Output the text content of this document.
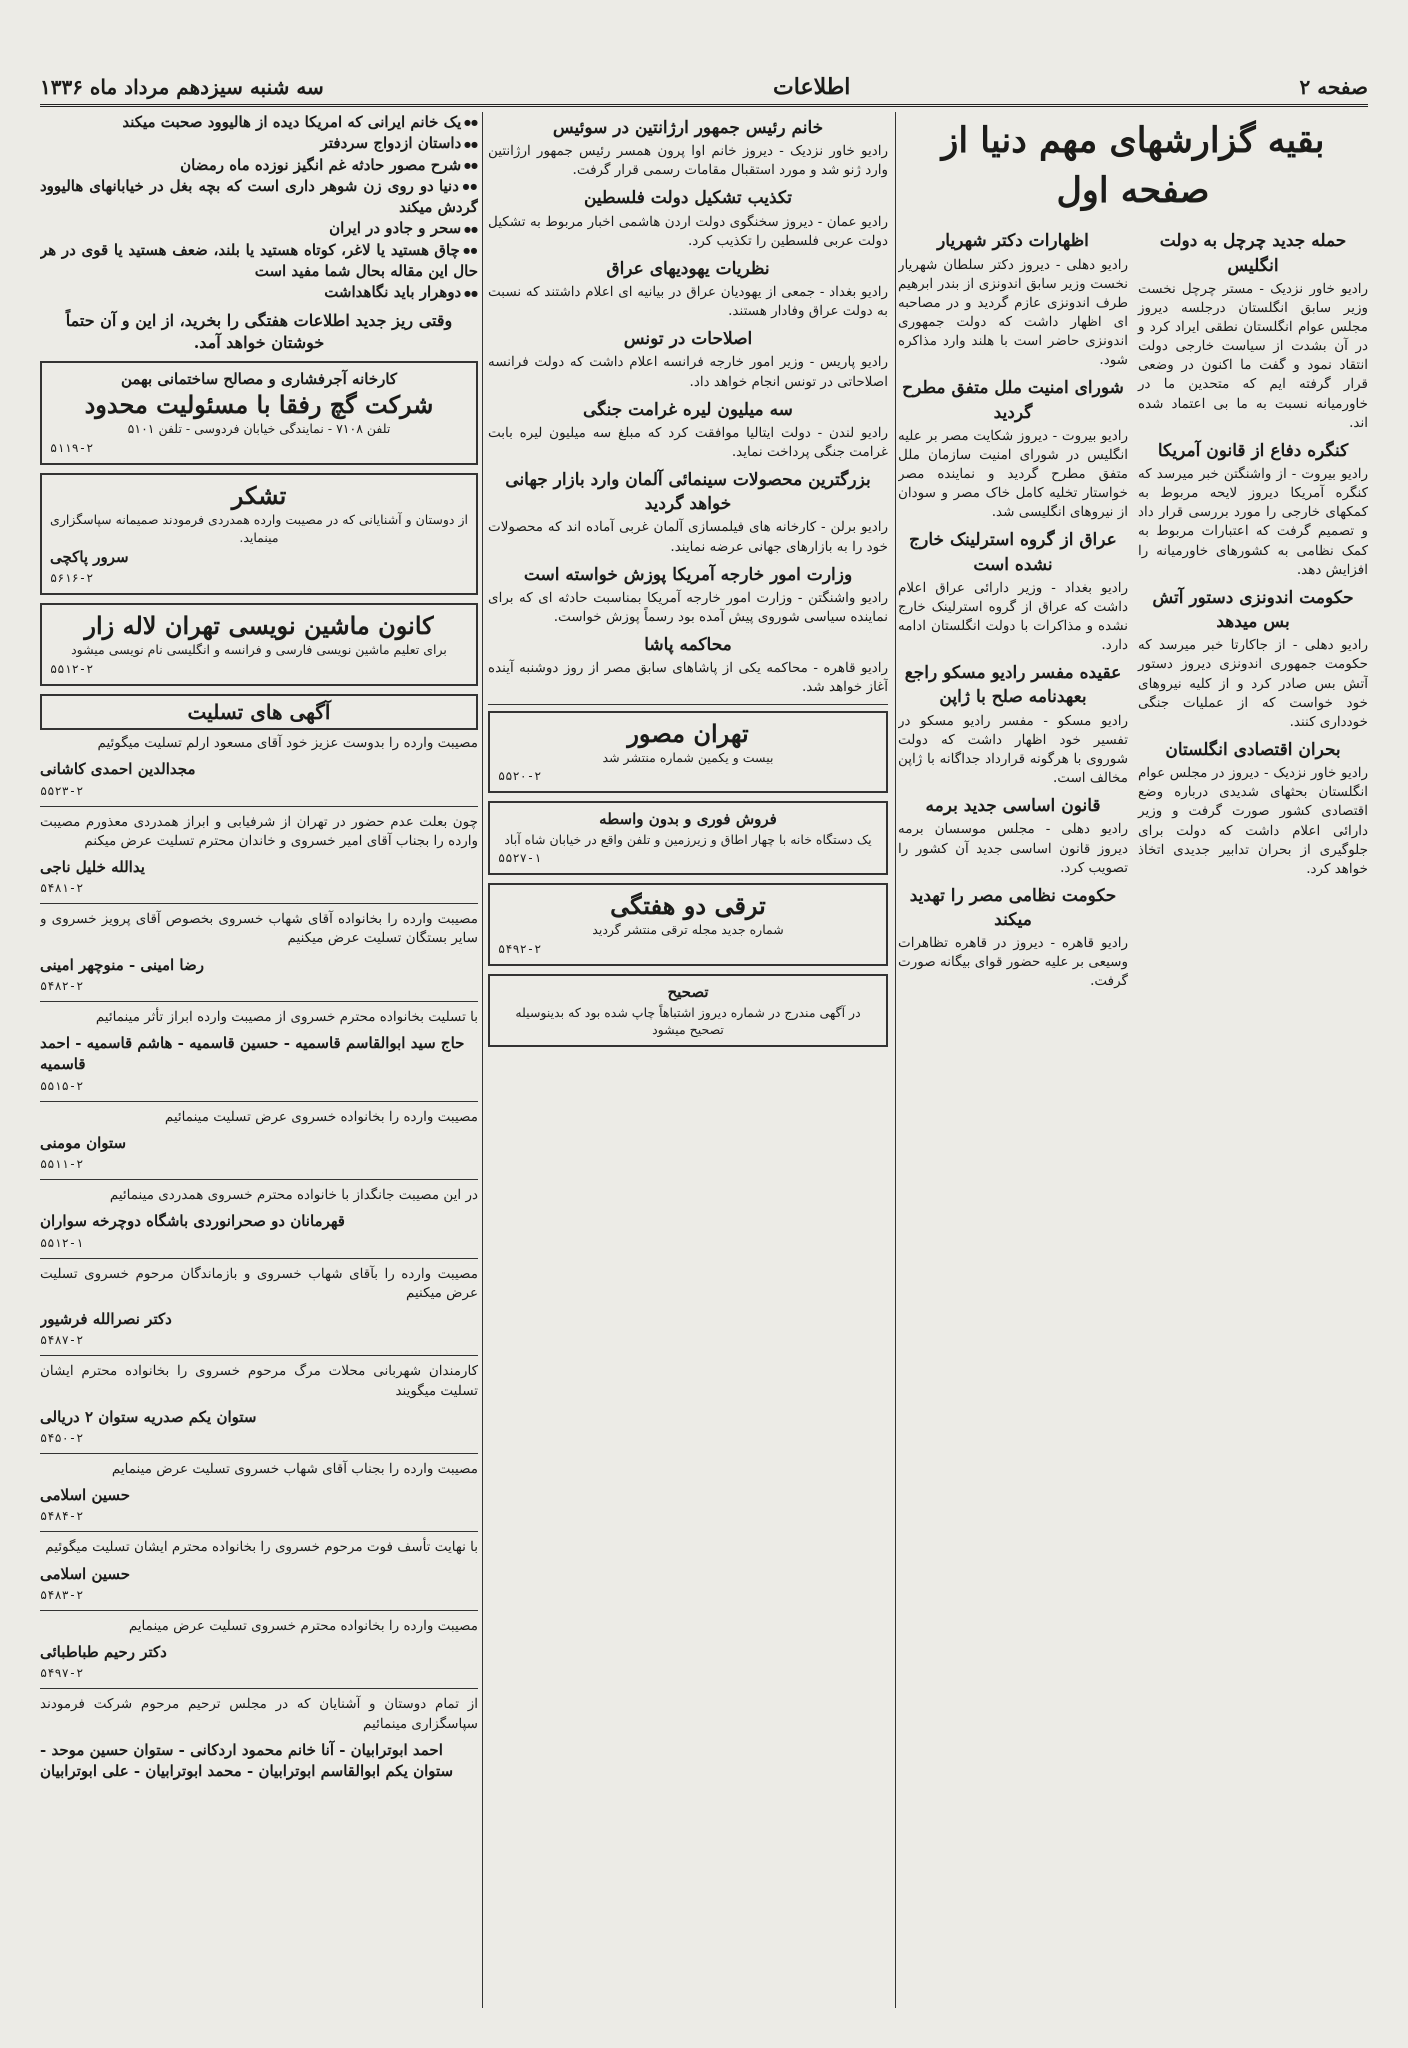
صفحه ۲
اطلاعات
سه شنبه سیزدهم مرداد ماه ۱۳۳۶
بقیه گزارشهای مهم دنیا از صفحه اول
حمله جدید چرچل به دولت انگلیس

رادیو خاور نزدیک - مستر چرچل نخست وزیر سابق انگلستان درجلسه دیروز مجلس عوام انگلستان نطقی ایراد کرد و در آن بشدت از سیاست خارجی دولت انتقاد نمود و گفت ما اکنون در وضعی قرار گرفته ایم که متحدین ما در خاورمیانه نسبت به ما بی اعتماد شده اند.

کنگره دفاع از قانون آمریکا

رادیو بیروت - از واشنگتن خبر میرسد که کنگره آمریکا دیروز لایحه مربوط به کمکهای خارجی را مورد بررسی قرار داد و تصمیم گرفت که اعتبارات مربوط به کمک نظامی به کشورهای خاورمیانه را افزایش دهد.

حکومت اندونزی دستور آتش بس میدهد

رادیو دهلی - از جاکارتا خبر میرسد که حکومت جمهوری اندونزی دیروز دستور آتش بس صادر کرد و از کلیه نیروهای خود خواست که از عملیات جنگی خودداری کنند.

بحران اقتصادی انگلستان

رادیو خاور نزدیک - دیروز در مجلس عوام انگلستان بحثهای شدیدی درباره وضع اقتصادی کشور صورت گرفت و وزیر دارائی اعلام داشت که دولت برای جلوگیری از بحران تدابیر جدیدی اتخاذ خواهد کرد.

اظهارات دکتر شهریار

رادیو دهلی - دیروز دکتر سلطان شهریار نخست وزیر سابق اندونزی از بندر ابرهیم طرف اندونزی عازم گردید و در مصاحبه ای اظهار داشت که دولت جمهوری اندونزی حاضر است با هلند وارد مذاکره شود.

شورای امنیت ملل متفق مطرح گردید

رادیو بیروت - دیروز شکایت مصر بر علیه انگلیس در شورای امنیت سازمان ملل متفق مطرح گردید و نماینده مصر خواستار تخلیه کامل خاک مصر و سودان از نیروهای انگلیسی شد.

عراق از گروه استرلینک خارج نشده است

رادیو بغداد - وزیر دارائی عراق اعلام داشت که عراق از گروه استرلینک خارج نشده و مذاکرات با دولت انگلستان ادامه دارد.

عقیده مفسر رادیو مسکو راجع بعهدنامه صلح با ژاپن

رادیو مسکو - مفسر رادیو مسکو در تفسیر خود اظهار داشت که دولت شوروی با هرگونه قرارداد جداگانه با ژاپن مخالف است.

قانون اساسی جدید برمه

رادیو دهلی - مجلس موسسان برمه دیروز قانون اساسی جدید آن کشور را تصویب کرد.

حکومت نظامی مصر را تهدید میکند

رادیو قاهره - دیروز در قاهره تظاهرات وسیعی بر علیه حضور قوای بیگانه صورت گرفت.

خانم رئیس جمهور ارژانتین در سوئیس

رادیو خاور نزدیک - دیروز خانم اوا پرون همسر رئیس جمهور ارژانتین وارد ژنو شد و مورد استقبال مقامات رسمی قرار گرفت.

تکذیب تشکیل دولت فلسطین

رادیو عمان - دیروز سخنگوی دولت اردن هاشمی اخبار مربوط به تشکیل دولت عربی فلسطین را تکذیب کرد.

نظریات یهودیهای عراق

رادیو بغداد - جمعی از یهودیان عراق در بیانیه ای اعلام داشتند که نسبت به دولت عراق وفادار هستند.

اصلاحات در تونس

رادیو پاریس - وزیر امور خارجه فرانسه اعلام داشت که دولت فرانسه اصلاحاتی در تونس انجام خواهد داد.

سه میلیون لیره غرامت جنگی

رادیو لندن - دولت ایتالیا موافقت کرد که مبلغ سه میلیون لیره بابت غرامت جنگی پرداخت نماید.

بزرگترین محصولات سینمائی آلمان وارد بازار جهانی خواهد گردید

رادیو برلن - کارخانه های فیلمسازی آلمان غربی آماده اند که محصولات خود را به بازارهای جهانی عرضه نمایند.

وزارت امور خارجه آمریکا پوزش خواسته است

رادیو واشنگتن - وزارت امور خارجه آمریکا بمناسبت حادثه ای که برای نماینده سیاسی شوروی پیش آمده بود رسماً پوزش خواست.

محاکمه پاشا

رادیو قاهره - محاکمه یکی از پاشاهای سابق مصر از روز دوشنبه آینده آغاز خواهد شد.

تهران مصور
بیست و یکمین شماره منتشر شد
۵۵۲۰-۲
فروش فوری و بدون واسطه
یک دستگاه خانه با چهار اطاق و زیرزمین و تلفن واقع در خیابان شاه آباد
۵۵۲۷-۱
ترقی دو هفتگی
شماره جدید مجله ترقی منتشر گردید
۵۴۹۲-۲
تصحیح
در آگهی مندرج در شماره دیروز اشتباهاً چاپ شده بود که بدینوسیله تصحیح میشود
●● یک خانم ایرانی که امریکا دیده از هالیوود صحبت میکند
●● داستان ازدواج سردفتر
●● شرح مصور حادثه غم انگیز نوزده ماه رمضان
●● دنیا دو روی زن شوهر داری است که بچه بغل در خیابانهای هالیوود گردش میکند
●● سحر و جادو در ایران
●● چاق هستید یا لاغر، کوتاه هستید یا بلند، ضعف هستید یا قوی در هر حال این مقاله بحال شما مفید است
●● دوهرار باید نگاهداشت

وقتی ریز جدید اطلاعات هفتگی را بخرید، از این و آن حتماً خوشتان خواهد آمد.

کارخانه آجرفشاری و مصالح ساختمانی بهمن
شرکت گچ رفقا با مسئولیت محدود
تلفن ۷۱۰۸ - نمایندگی خیابان فردوسی - تلفن ۵۱۰۱
۵۱۱۹-۲
تشکر
از دوستان و آشنایانی که در مصیبت وارده همدردی فرمودند صمیمانه سپاسگزاری مینماید.
سرور پاکچی
۵۶۱۶-۲
کانون ماشین نویسی تهران لاله زار
برای تعلیم ماشین نویسی فارسی و فرانسه و انگلیسی نام نویسی میشود
۵۵۱۲-۲
آگهی های تسلیت

مصیبت وارده را بدوست عزیز خود آقای مسعود ارلم تسلیت میگوئیم

مجدالدین احمدی کاشانی
۵۵۲۳-۲

چون بعلت عدم حضور در تهران از شرفیابی و ابراز همدردی معذورم مصیبت وارده را بجناب آقای امیر خسروی و خاندان محترم تسلیت عرض میکنم

یدالله خلیل ناجی
۵۴۸۱-۲

مصیبت وارده را بخانواده آقای شهاب خسروی بخصوص آقای پرویز خسروی و سایر بستگان تسلیت عرض میکنیم

رضا امینی - منوچهر امینی
۵۴۸۲-۲

با تسلیت بخانواده محترم خسروی از مصیبت وارده ابراز تأثر مینمائیم

حاج سید ابوالقاسم قاسمیه - حسین قاسمیه - هاشم قاسمیه - احمد قاسمیه
۵۵۱۵-۲

مصیبت وارده را بخانواده خسروی عرض تسلیت مینمائیم

ستوان مومنی
۵۵۱۱-۲

در این مصیبت جانگداز با خانواده محترم خسروی همدردی مینمائیم

قهرمانان دو صحرانوردی باشگاه دوچرخه سواران
۵۵۱۲-۱

مصیبت وارده را بآقای شهاب خسروی و بازماندگان مرحوم خسروی تسلیت عرض میکنیم

دکتر نصرالله فرشیور
۵۴۸۷-۲

کارمندان شهربانی محلات مرگ مرحوم خسروی را بخانواده محترم ایشان تسلیت میگویند

ستوان یکم صدریه ستوان ۲ دریالی
۵۴۵۰-۲

مصیبت وارده را بجناب آقای شهاب خسروی تسلیت عرض مینمایم

حسین اسلامی
۵۴۸۴-۲

با نهایت تأسف فوت مرحوم خسروی را بخانواده محترم ایشان تسلیت میگوئیم

حسین اسلامی
۵۴۸۳-۲

مصیبت وارده را بخانواده محترم خسروی تسلیت عرض مینمایم

دکتر رحیم طباطبائی
۵۴۹۷-۲

از تمام دوستان و آشنایان که در مجلس ترحیم مرحوم شرکت فرمودند سپاسگزاری مینمائیم

احمد ابوترابیان - آنا خانم محمود اردکانی - ستوان حسین موحد - ستوان یکم ابوالقاسم ابوترابیان - محمد ابوترابیان - علی ابوترابیان
